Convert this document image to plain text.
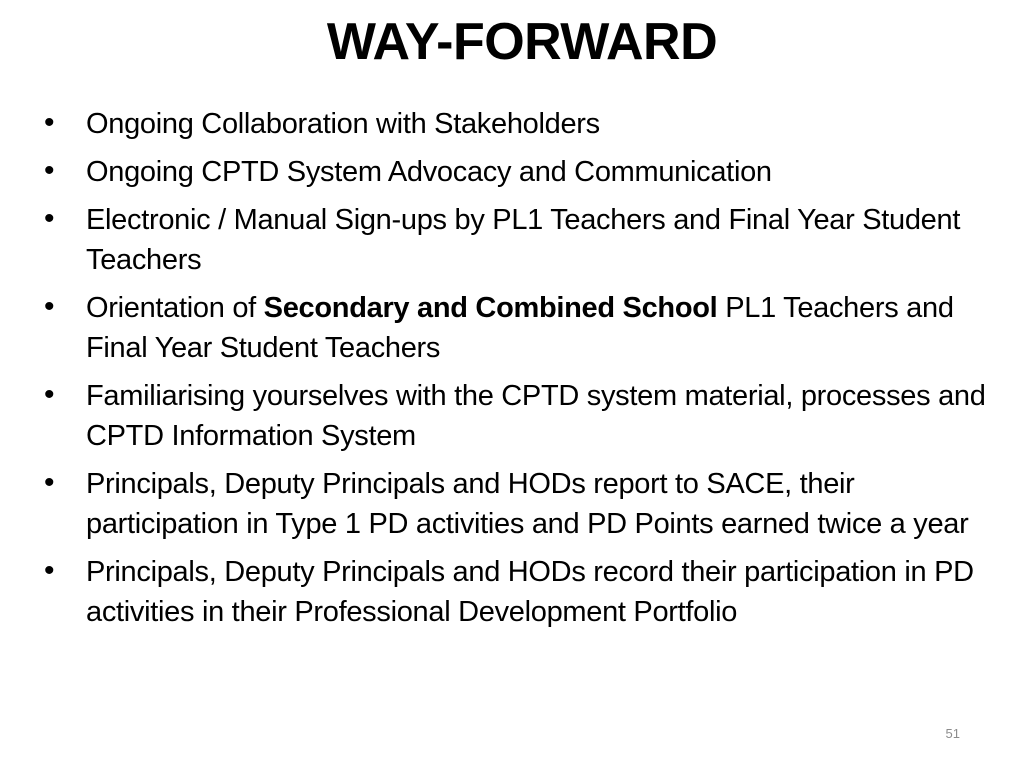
WAY-FORWARD
• Ongoing Collaboration with Stakeholders
• Ongoing CPTD System Advocacy and Communication
• Electronic / Manual Sign-ups by PL1 Teachers and Final Year Student Teachers
• Orientation of Secondary and Combined School PL1 Teachers and Final Year Student Teachers
• Familiarising yourselves with the CPTD system material, processes and CPTD Information System
• Principals, Deputy Principals and HODs report to SACE, their participation in Type 1 PD activities and PD Points earned twice a year
• Principals, Deputy Principals and HODs record their participation in PD activities in their Professional Development Portfolio
51
